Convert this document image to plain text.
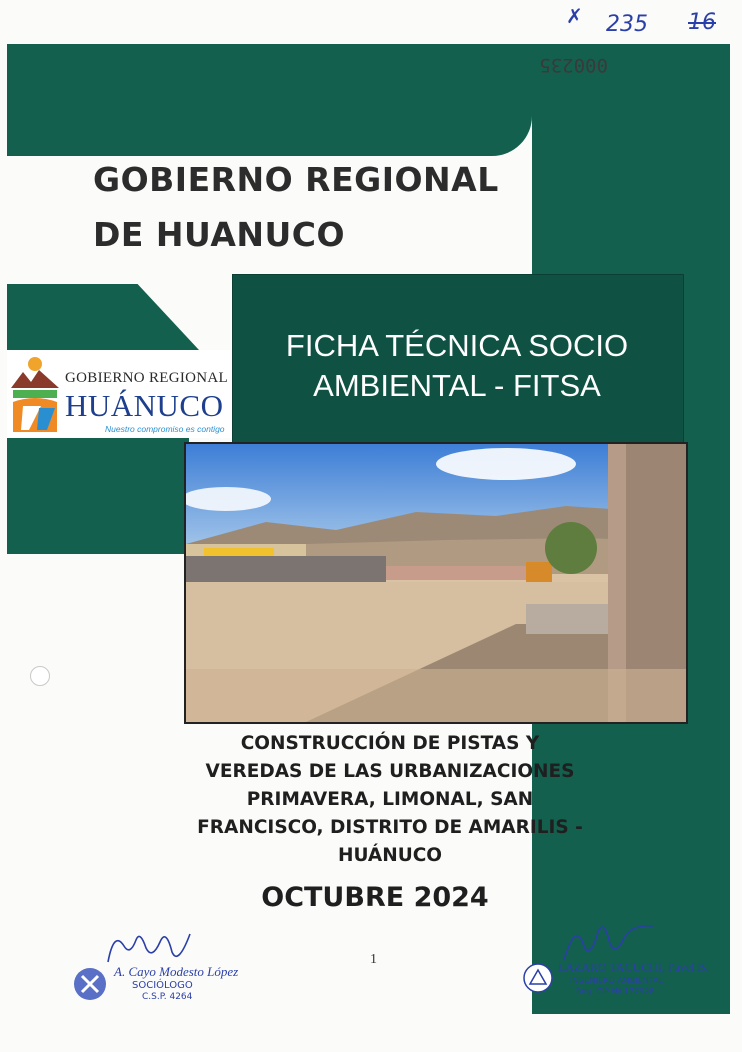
✗ 235 16
000235
GOBIERNO REGIONAL
DE HUANUCO
GOBIERNO REGIONAL
HUÁNUCO
Nuestro compromiso es contigo
FICHA TÉCNICA SOCIO
AMBIENTAL - FITSA
CONSTRUCCIÓN DE PISTAS Y
VEREDAS DE LAS URBANIZACIONES
PRIMAVERA, LIMONAL, SAN
FRANCISCO, DISTRITO DE AMARILIS -
HUÁNUCO
OCTUBRE 2024
1
A. Cayo Modesto López
SOCIÓLOGO
C.S.P. 4264
LAZARO TACUCHI, Pavel B.
INGENIERO AMBIENTAL
Reg. CIP Nº 177928
